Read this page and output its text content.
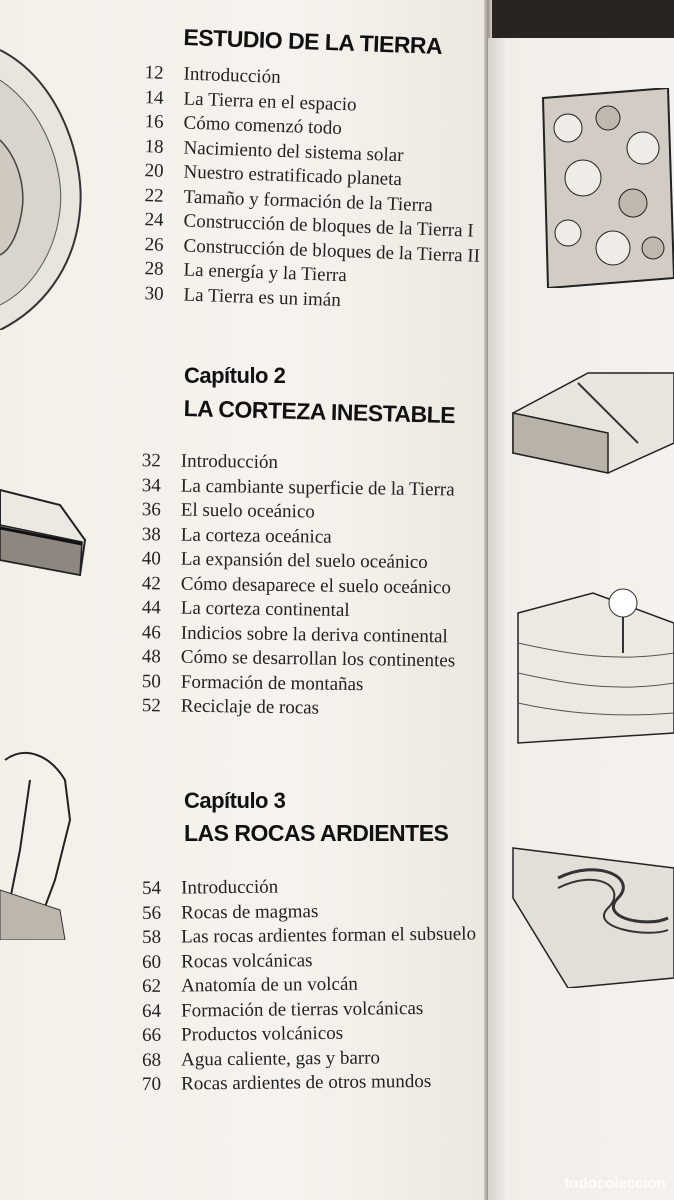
ESTUDIO DE LA TIERRA
12 Introducción
14 La Tierra en el espacio
16 Cómo comenzó todo
18 Nacimiento del sistema solar
20 Nuestro estratificado planeta
22 Tamaño y formación de la Tierra
24 Construcción de bloques de la Tierra I
26 Construcción de bloques de la Tierra II
28 La energía y la Tierra
30 La Tierra es un imán
Capítulo 2
LA CORTEZA INESTABLE
32 Introducción
34 La cambiante superficie de la Tierra
36 El suelo oceánico
38 La corteza oceánica
40 La expansión del suelo oceánico
42 Cómo desaparece el suelo oceánico
44 La corteza continental
46 Indicios sobre la deriva continental
48 Cómo se desarrollan los continentes
50 Formación de montañas
52 Reciclaje de rocas
Capítulo 3
LAS ROCAS ARDIENTES
54 Introducción
56 Rocas de magmas
58 Las rocas ardientes forman el subsuelo
60 Rocas volcánicas
62 Anatomía de un volcán
64 Formación de tierras volcánicas
66 Productos volcánicos
68 Agua caliente, gas y barro
70 Rocas ardientes de otros mundos
todocoleccion
